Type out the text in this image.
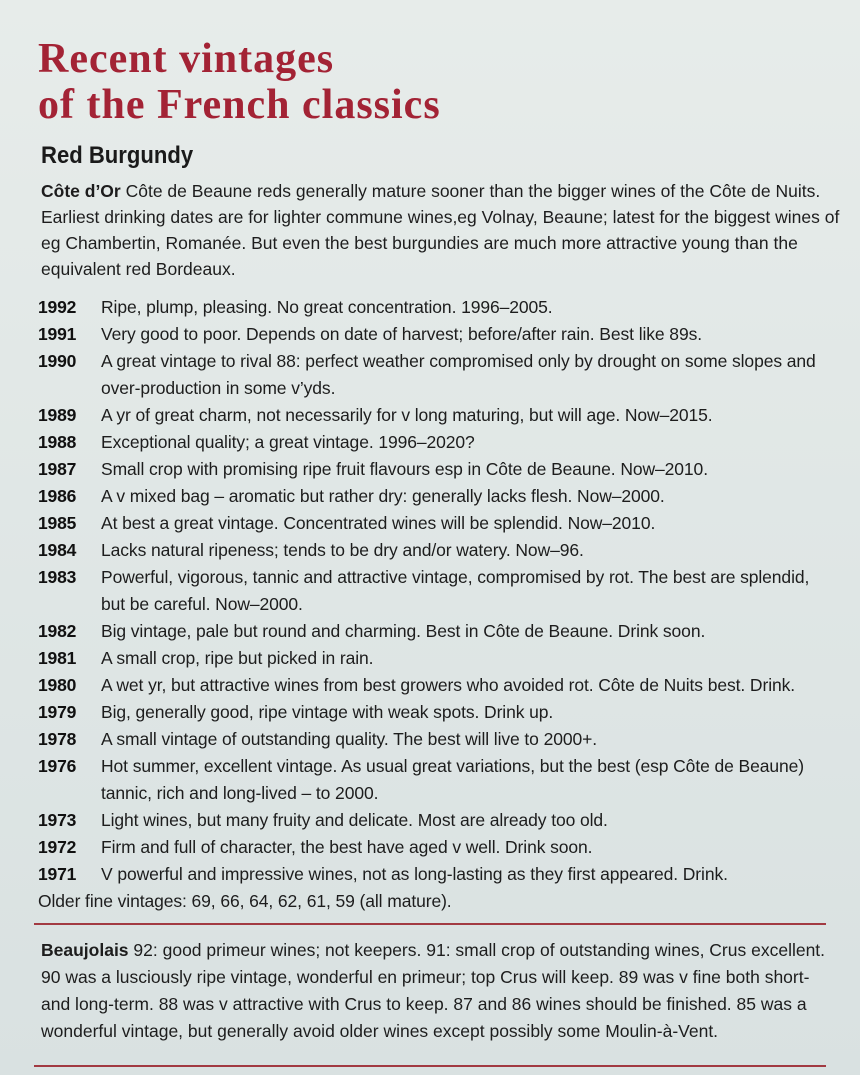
Recent vintages
of the French classics
Red Burgundy

Côte d’Or Côte de Beaune reds generally mature sooner than the bigger wines of the Côte de Nuits. Earliest drinking dates are for lighter commune wines,eg Volnay, Beaune; latest for the biggest wines of eg Chambertin, Romanée. But even the best burgundies are much more attractive young than the equivalent red Bordeaux.

1992	Ripe, plump, pleasing. No great concentration. 1996–2005.
1991	Very good to poor. Depends on date of harvest; before/after rain. Best like 89s.
1990	A great vintage to rival 88: perfect weather compromised only by drought on some slopes and over-production in some v’yds.
1989	A yr of great charm, not necessarily for v long maturing, but will age. Now–2015.
1988	Exceptional quality; a great vintage. 1996–2020?
1987	Small crop with promising ripe fruit flavours esp in Côte de Beaune. Now–2010.
1986	A v mixed bag – aromatic but rather dry: generally lacks flesh. Now–2000.
1985	At best a great vintage. Concentrated wines will be splendid. Now–2010.
1984	Lacks natural ripeness; tends to be dry and/or watery. Now–96.
1983	Powerful, vigorous, tannic and attractive vintage, compromised by rot. The best are splendid, but be careful. Now–2000.
1982	Big vintage, pale but round and charming. Best in Côte de Beaune. Drink soon.
1981	A small crop, ripe but picked in rain.
1980	A wet yr, but attractive wines from best growers who avoided rot. Côte de Nuits best. Drink.
1979	Big, generally good, ripe vintage with weak spots. Drink up.
1978	A small vintage of outstanding quality. The best will live to 2000+.
1976	Hot summer, excellent vintage. As usual great variations, but the best (esp Côte de Beaune) tannic, rich and long-lived – to 2000.
1973	Light wines, but many fruity and delicate. Most are already too old.
1972	Firm and full of character, the best have aged v well. Drink soon.
1971	V powerful and impressive wines, not as long-lasting as they first appeared. Drink.
Older fine vintages: 69, 66, 64, 62, 61, 59 (all mature).

Beaujolais 92: good primeur wines; not keepers. 91: small crop of outstanding wines, Crus excellent. 90 was a lusciously ripe vintage, wonderful en primeur; top Crus will keep. 89 was v fine both short- and long-term. 88 was v attractive with Crus to keep. 87 and 86 wines should be finished. 85 was a wonderful vintage, but generally avoid older wines except possibly some Moulin-à-Vent.
